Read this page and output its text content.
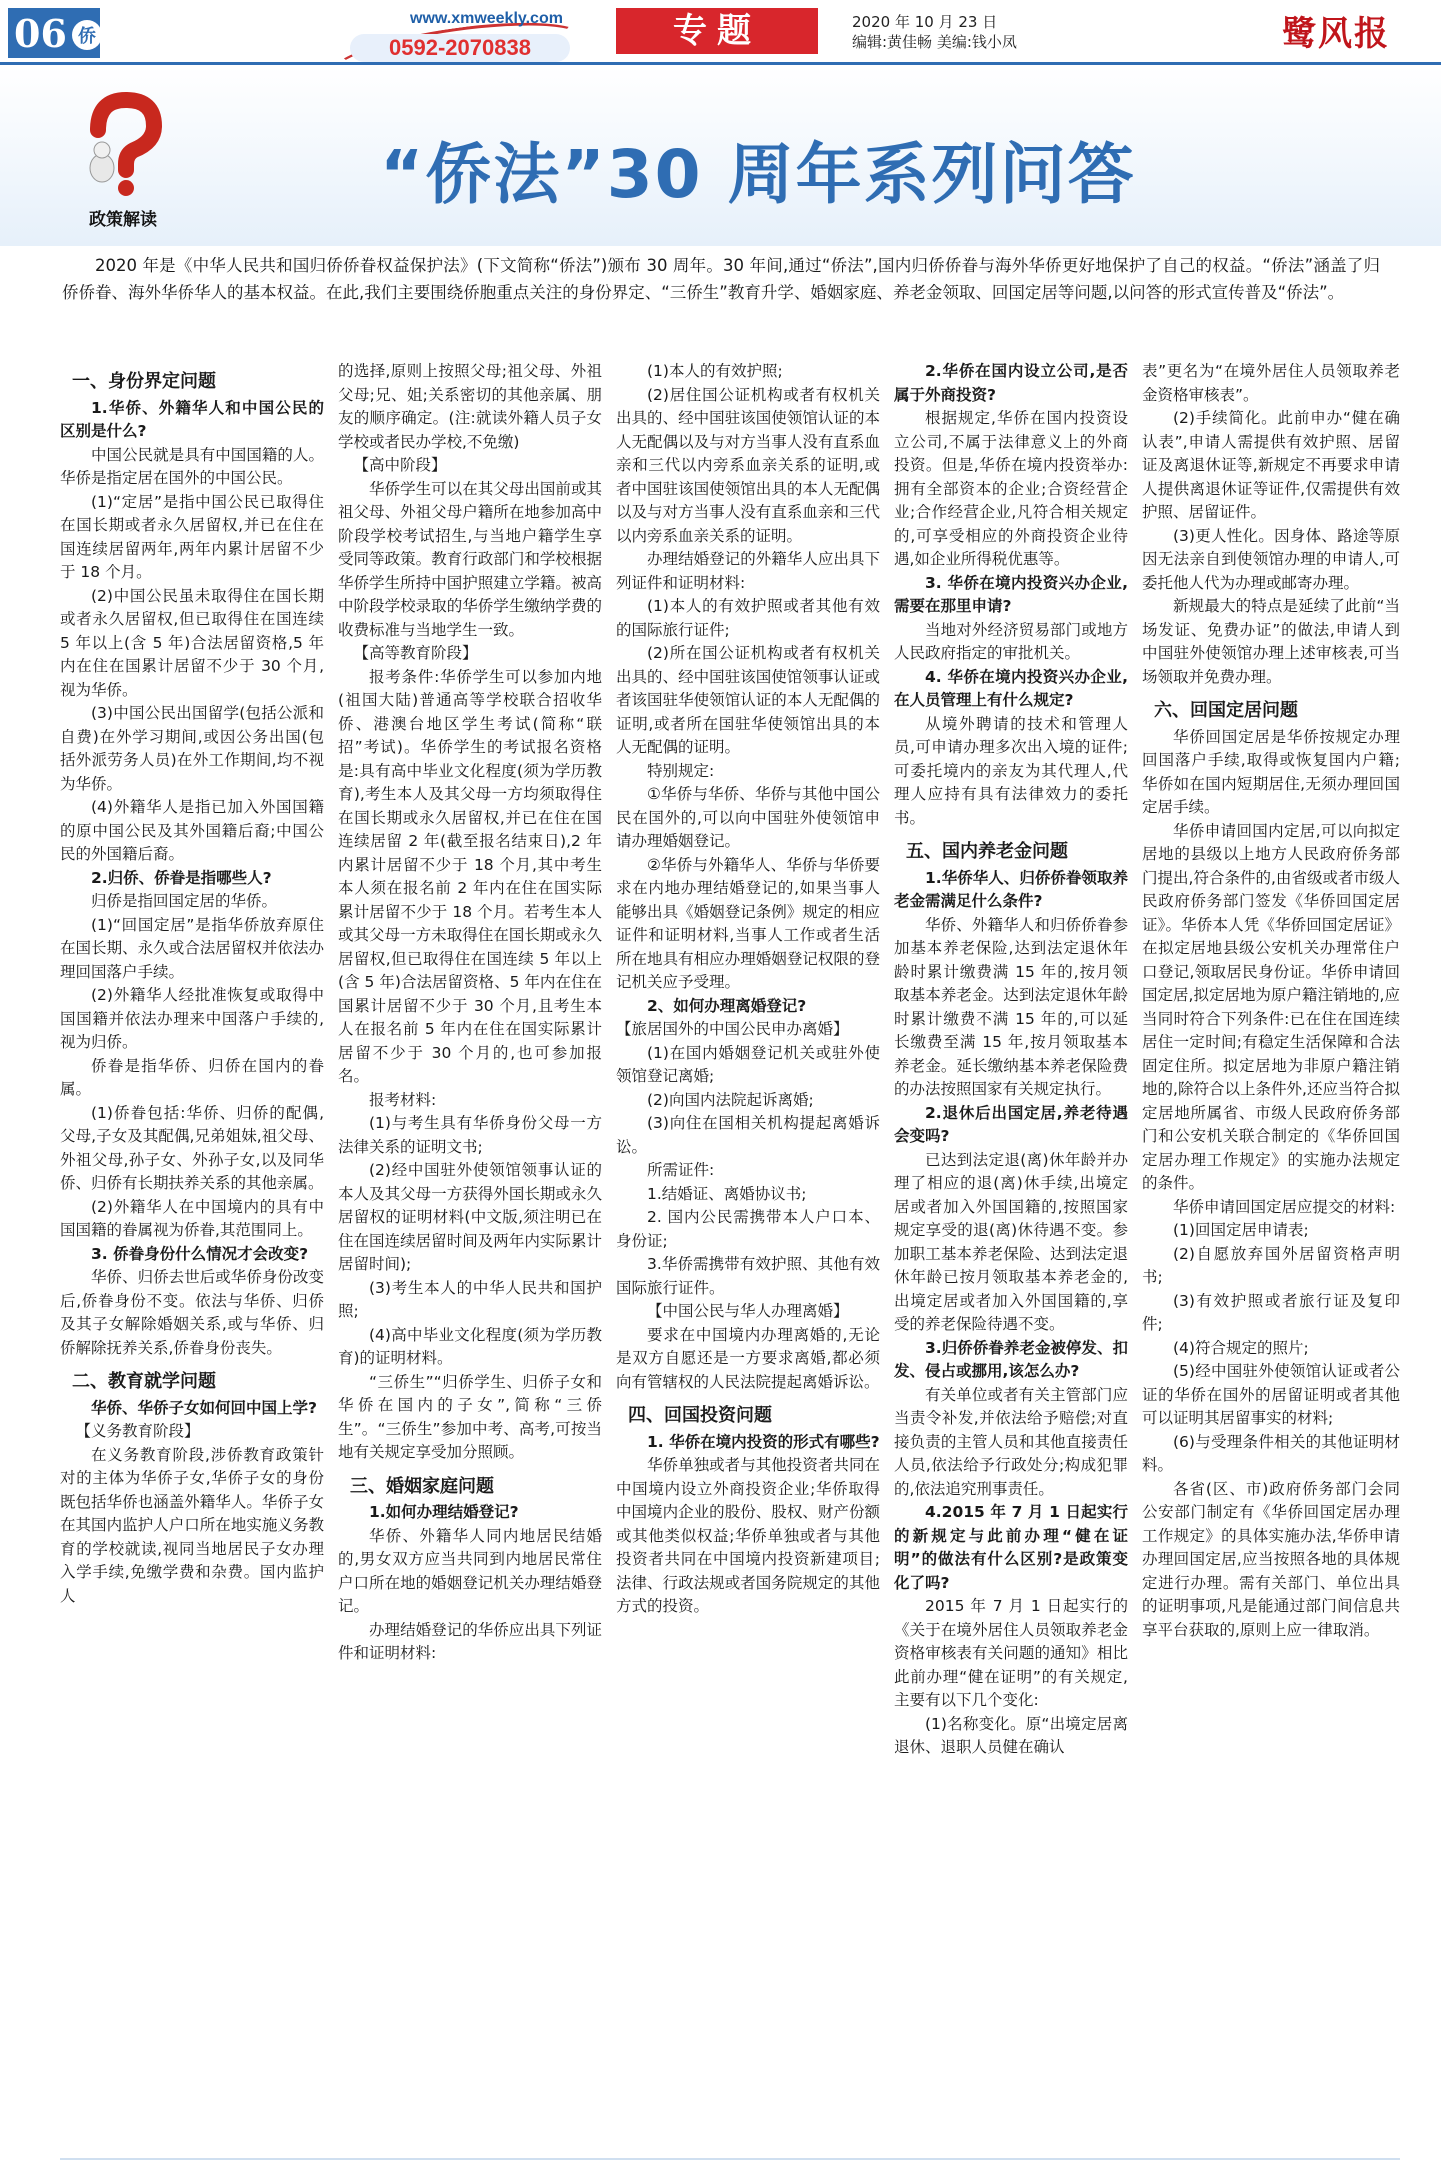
06 侨
www.xmweekly.com
0592-2070838	专题	2020 年 10 月 23 日
编辑:黄佳畅 美编:钱小凤	鹭风报
政策解读
“侨法”30 周年系列问答
2020 年是《中华人民共和国归侨侨眷权益保护法》(下文简称“侨法”)颁布 30 周年。30 年间,通过“侨法”,国内归侨侨眷与海外华侨更好地保护了自己的权益。“侨法”涵盖了归侨侨眷、海外华侨华人的基本权益。在此,我们主要围绕侨胞重点关注的身份界定、“三侨生”教育升学、婚姻家庭、养老金领取、回国定居等问题,以问答的形式宣传普及“侨法”。

一、身份界定问题

1.华侨、外籍华人和中国公民的区别是什么?

中国公民就是具有中国国籍的人。华侨是指定居在国外的中国公民。

(1)“定居”是指中国公民已取得住在国长期或者永久居留权,并已在住在国连续居留两年,两年内累计居留不少于 18 个月。

(2)中国公民虽未取得住在国长期或者永久居留权,但已取得住在国连续 5 年以上(含 5 年)合法居留资格,5 年内在住在国累计居留不少于 30 个月,视为华侨。

(3)中国公民出国留学(包括公派和自费)在外学习期间,或因公务出国(包括外派劳务人员)在外工作期间,均不视为华侨。

(4)外籍华人是指已加入外国国籍的原中国公民及其外国籍后裔;中国公民的外国籍后裔。

2.归侨、侨眷是指哪些人?

归侨是指回国定居的华侨。

(1)“回国定居”是指华侨放弃原住在国长期、永久或合法居留权并依法办理回国落户手续。

(2)外籍华人经批准恢复或取得中国国籍并依法办理来中国落户手续的,视为归侨。

侨眷是指华侨、归侨在国内的眷属。

(1)侨眷包括:华侨、归侨的配偶,父母,子女及其配偶,兄弟姐妹,祖父母、外祖父母,孙子女、外孙子女,以及同华侨、归侨有长期扶养关系的其他亲属。

(2)外籍华人在中国境内的具有中国国籍的眷属视为侨眷,其范围同上。

3. 侨眷身份什么情况才会改变?

华侨、归侨去世后或华侨身份改变后,侨眷身份不变。依法与华侨、归侨及其子女解除婚姻关系,或与华侨、归侨解除抚养关系,侨眷身份丧失。

二、教育就学问题

华侨、华侨子女如何回中国上学?

【义务教育阶段】

在义务教育阶段,涉侨教育政策针对的主体为华侨子女,华侨子女的身份既包括华侨也涵盖外籍华人。华侨子女在其国内监护人户口所在地实施义务教育的学校就读,视同当地居民子女办理入学手续,免缴学费和杂费。国内监护人

的选择,原则上按照父母;祖父母、外祖父母;兄、姐;关系密切的其他亲属、朋友的顺序确定。(注:就读外籍人员子女学校或者民办学校,不免缴)

【高中阶段】

华侨学生可以在其父母出国前或其祖父母、外祖父母户籍所在地参加高中阶段学校考试招生,与当地户籍学生享受同等政策。教育行政部门和学校根据华侨学生所持中国护照建立学籍。被高中阶段学校录取的华侨学生缴纳学费的收费标准与当地学生一致。

【高等教育阶段】

报考条件:华侨学生可以参加内地(祖国大陆)普通高等学校联合招收华侨、港澳台地区学生考试(简称“联招”考试)。华侨学生的考试报名资格是:具有高中毕业文化程度(须为学历教育),考生本人及其父母一方均须取得住在国长期或永久居留权,并已在住在国连续居留 2 年(截至报名结束日),2 年内累计居留不少于 18 个月,其中考生本人须在报名前 2 年内在住在国实际累计居留不少于 18 个月。若考生本人或其父母一方未取得住在国长期或永久居留权,但已取得住在国连续 5 年以上(含 5 年)合法居留资格、5 年内在住在国累计居留不少于 30 个月,且考生本人在报名前 5 年内在住在国实际累计居留不少于 30 个月的,也可参加报名。

报考材料:

(1)与考生具有华侨身份父母一方法律关系的证明文书;

(2)经中国驻外使领馆领事认证的本人及其父母一方获得外国长期或永久居留权的证明材料(中文版,须注明已在住在国连续居留时间及两年内实际累计居留时间);

(3)考生本人的中华人民共和国护照;

(4)高中毕业文化程度(须为学历教育)的证明材料。

“三侨生”“归侨学生、归侨子女和华侨在国内的子女”,简称“三侨生”。“三侨生”参加中考、高考,可按当地有关规定享受加分照顾。

三、婚姻家庭问题

1.如何办理结婚登记?

华侨、外籍华人同内地居民结婚的,男女双方应当共同到内地居民常住户口所在地的婚姻登记机关办理结婚登记。

办理结婚登记的华侨应出具下列证件和证明材料:

(1)本人的有效护照;

(2)居住国公证机构或者有权机关出具的、经中国驻该国使领馆认证的本人无配偶以及与对方当事人没有直系血亲和三代以内旁系血亲关系的证明,或者中国驻该国使领馆出具的本人无配偶以及与对方当事人没有直系血亲和三代以内旁系血亲关系的证明。

办理结婚登记的外籍华人应出具下列证件和证明材料:

(1)本人的有效护照或者其他有效的国际旅行证件;

(2)所在国公证机构或者有权机关出具的、经中国驻该国使馆领事认证或者该国驻华使领馆认证的本人无配偶的证明,或者所在国驻华使领馆出具的本人无配偶的证明。

特别规定:

①华侨与华侨、华侨与其他中国公民在国外的,可以向中国驻外使领馆申请办理婚姻登记。

②华侨与外籍华人、华侨与华侨要求在内地办理结婚登记的,如果当事人能够出具《婚姻登记条例》规定的相应证件和证明材料,当事人工作或者生活所在地具有相应办理婚姻登记权限的登记机关应予受理。

2、如何办理离婚登记?

【旅居国外的中国公民申办离婚】

(1)在国内婚姻登记机关或驻外使领馆登记离婚;

(2)向国内法院起诉离婚;

(3)向住在国相关机构提起离婚诉讼。

所需证件:

1.结婚证、离婚协议书;

2. 国内公民需携带本人户口本、身份证;

3.华侨需携带有效护照、其他有效国际旅行证件。

【中国公民与华人办理离婚】

要求在中国境内办理离婚的,无论是双方自愿还是一方要求离婚,都必须向有管辖权的人民法院提起离婚诉讼。

四、回国投资问题

1. 华侨在境内投资的形式有哪些?

华侨单独或者与其他投资者共同在中国境内设立外商投资企业;华侨取得中国境内企业的股份、股权、财产份额或其他类似权益;华侨单独或者与其他投资者共同在中国境内投资新建项目;法律、行政法规或者国务院规定的其他方式的投资。

2.华侨在国内设立公司,是否属于外商投资?

根据规定,华侨在国内投资设立公司,不属于法律意义上的外商投资。但是,华侨在境内投资举办:拥有全部资本的企业;合资经营企业;合作经营企业,凡符合相关规定的,可享受相应的外商投资企业待遇,如企业所得税优惠等。

3. 华侨在境内投资兴办企业,需要在那里申请?

当地对外经济贸易部门或地方人民政府指定的审批机关。

4. 华侨在境内投资兴办企业,在人员管理上有什么规定?

从境外聘请的技术和管理人员,可申请办理多次出入境的证件;可委托境内的亲友为其代理人,代理人应持有具有法律效力的委托书。

五、国内养老金问题

1.华侨华人、归侨侨眷领取养老金需满足什么条件?

华侨、外籍华人和归侨侨眷参加基本养老保险,达到法定退休年龄时累计缴费满 15 年的,按月领取基本养老金。达到法定退休年龄时累计缴费不满 15 年的,可以延长缴费至满 15 年,按月领取基本养老金。延长缴纳基本养老保险费的办法按照国家有关规定执行。

2.退休后出国定居,养老待遇会变吗?

已达到法定退(离)休年龄并办理了相应的退(离)休手续,出境定居或者加入外国国籍的,按照国家规定享受的退(离)休待遇不变。参加职工基本养老保险、达到法定退休年龄已按月领取基本养老金的,出境定居或者加入外国国籍的,享受的养老保险待遇不变。

3.归侨侨眷养老金被停发、扣发、侵占或挪用,该怎么办?

有关单位或者有关主管部门应当责令补发,并依法给予赔偿;对直接负责的主管人员和其他直接责任人员,依法给予行政处分;构成犯罪的,依法追究刑事责任。

4.2015 年 7 月 1 日起实行的新规定与此前办理“健在证明”的做法有什么区别?是政策变化了吗?

2015 年 7 月 1 日起实行的《关于在境外居住人员领取养老金资格审核表有关问题的通知》相比此前办理“健在证明”的有关规定,主要有以下几个变化:

(1)名称变化。原“出境定居离退休、退职人员健在确认

表”更名为“在境外居住人员领取养老金资格审核表”。

(2)手续简化。此前申办“健在确认表”,申请人需提供有效护照、居留证及离退休证等,新规定不再要求申请人提供离退休证等证件,仅需提供有效护照、居留证件。

(3)更人性化。因身体、路途等原因无法亲自到使领馆办理的申请人,可委托他人代为办理或邮寄办理。

新规最大的特点是延续了此前“当场发证、免费办证”的做法,申请人到中国驻外使领馆办理上述审核表,可当场领取并免费办理。

六、回国定居问题

华侨回国定居是华侨按规定办理回国落户手续,取得或恢复国内户籍;华侨如在国内短期居住,无须办理回国定居手续。

华侨申请回国内定居,可以向拟定居地的县级以上地方人民政府侨务部门提出,符合条件的,由省级或者市级人民政府侨务部门签发《华侨回国定居证》。华侨本人凭《华侨回国定居证》在拟定居地县级公安机关办理常住户口登记,领取居民身份证。华侨申请回国定居,拟定居地为原户籍注销地的,应当同时符合下列条件:已在住在国连续居住一定时间;有稳定生活保障和合法固定住所。拟定居地为非原户籍注销地的,除符合以上条件外,还应当符合拟定居地所属省、市级人民政府侨务部门和公安机关联合制定的《华侨回国定居办理工作规定》的实施办法规定的条件。

华侨申请回国定居应提交的材料:

(1)回国定居申请表;

(2)自愿放弃国外居留资格声明书;

(3)有效护照或者旅行证及复印件;

(4)符合规定的照片;

(5)经中国驻外使领馆认证或者公证的华侨在国外的居留证明或者其他可以证明其居留事实的材料;

(6)与受理条件相关的其他证明材料。

各省(区、市)政府侨务部门会同公安部门制定有《华侨回国定居办理工作规定》的具体实施办法,华侨申请办理回国定居,应当按照各地的具体规定进行办理。需有关部门、单位出具的证明事项,凡是能通过部门间信息共享平台获取的,原则上应一律取消。
